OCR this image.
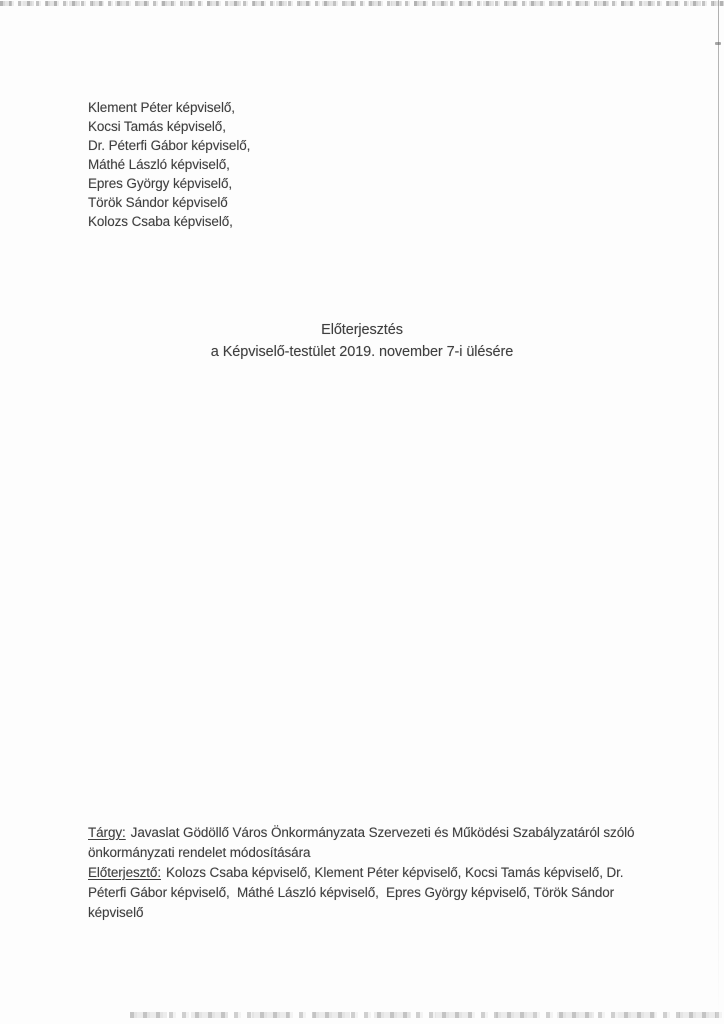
Klement Péter képviselő,
Kocsi Tamás képviselő,
Dr. Péterfi Gábor képviselő,
Máthé László képviselő,
Epres György képviselő,
Török Sándor képviselő
Kolozs Csaba képviselő,
Előterjesztés
a Képviselő-testület 2019. november 7-i ülésére
Tárgy: Javaslat Gödöllő Város Önkormányzata Szervezeti és Működési Szabályzatáról szóló
önkormányzati rendelet módosítására
Előterjesztő: Kolozs Csaba képviselő, Klement Péter képviselő, Kocsi Tamás képviselő, Dr.
Péterfi Gábor képviselő,  Máthé László képviselő,  Epres György képviselő, Török Sándor
képviselő
